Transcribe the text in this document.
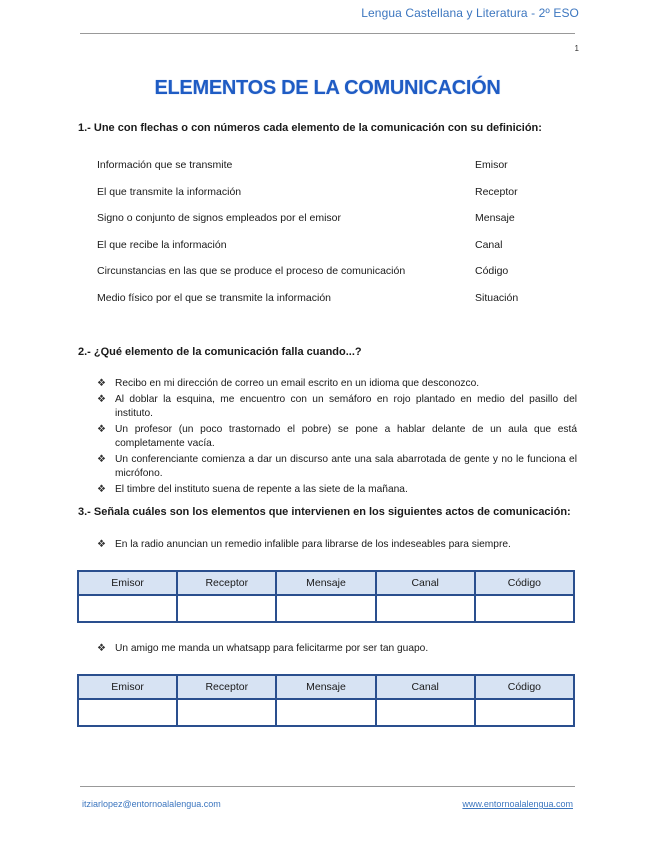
Lengua Castellana y Literatura - 2º ESO
1
ELEMENTOS DE LA COMUNICACIÓN
1.- Une con flechas o con números cada elemento de la comunicación con su definición:
Información que se transmite	Emisor
El que transmite la información	Receptor
Signo o conjunto de signos empleados por el emisor	Mensaje
El que recibe la información	Canal
Circunstancias en las que se produce el proceso de comunicación	Código
Medio físico por el que se transmite la información	Situación
2.- ¿Qué elemento de la comunicación falla cuando...?
❖ Recibo en mi dirección de correo un email escrito en un idioma que desconozco.
❖ Al doblar la esquina, me encuentro con un semáforo en rojo plantado en medio del pasillo del instituto.
❖ Un profesor (un poco trastornado el pobre) se pone a hablar delante de un aula que está completamente vacía.
❖ Un conferenciante comienza a dar un discurso ante una sala abarrotada de gente y no le funciona el micrófono.
❖ El timbre del instituto suena de repente a las siete de la mañana.
3.- Señala cuáles son los elementos que intervienen en los siguientes actos de comunicación:
❖ En la radio anuncian un remedio infalible para librarse de los indeseables para siempre.
Emisor	Receptor	Mensaje	Canal	Código

❖ Un amigo me manda un whatsapp para felicitarme por ser tan guapo.
Emisor	Receptor	Mensaje	Canal	Código

itziarlopez@entornoalalengua.com	www.entornoalalengua.com
